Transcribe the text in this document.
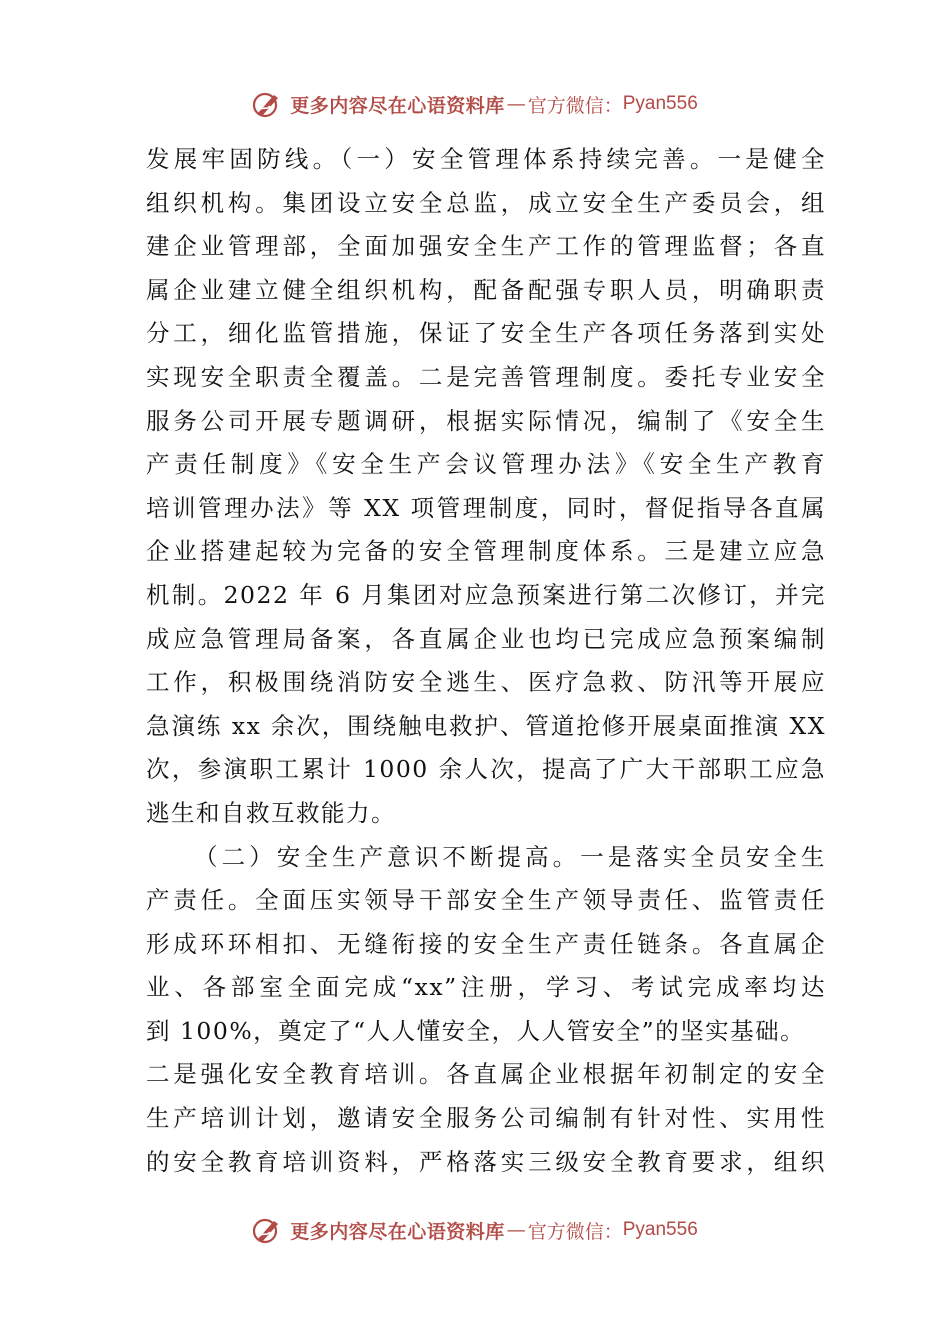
更多内容尽在心语资料库 — 官方微信： Pyan556
发展牢固防线。（一）安全管理体系持续完善。一是健全
组织机构。集团设立安全总监，成立安全生产委员会，组
建企业管理部，全面加强安全生产工作的管理监督；各直
属企业建立健全组织机构，配备配强专职人员，明确职责
分工，细化监管措施，保证了安全生产各项任务落到实处
实现安全职责全覆盖。二是完善管理制度。委托专业安全
服务公司开展专题调研，根据实际情况，编制了《安全生
产责任制度》《安全生产会议管理办法》《安全生产教育
培训管理办法》等 XX 项管理制度，同时，督促指导各直属
企业搭建起较为完备的安全管理制度体系。三是建立应急
机制。2022 年 6 月集团对应急预案进行第二次修订，并完
成应急管理局备案，各直属企业也均已完成应急预案编制
工作，积极围绕消防安全逃生、医疗急救、防汛等开展应
急演练 xx 余次，围绕触电救护、管道抢修开展桌面推演 XX
次，参演职工累计 1000 余人次，提高了广大干部职工应急
逃生和自救互救能力。
（二）安全生产意识不断提高。一是落实全员安全生
产责任。全面压实领导干部安全生产领导责任、监管责任
形成环环相扣、无缝衔接的安全生产责任链条。各直属企
业、各部室全面完成“xx”注册，学习、考试完成率均达
到 100%，奠定了“人人懂安全，人人管安全”的坚实基础。
二是强化安全教育培训。各直属企业根据年初制定的安全
生产培训计划，邀请安全服务公司编制有针对性、实用性
的安全教育培训资料，严格落实三级安全教育要求，组织
更多内容尽在心语资料库 — 官方微信： Pyan556
